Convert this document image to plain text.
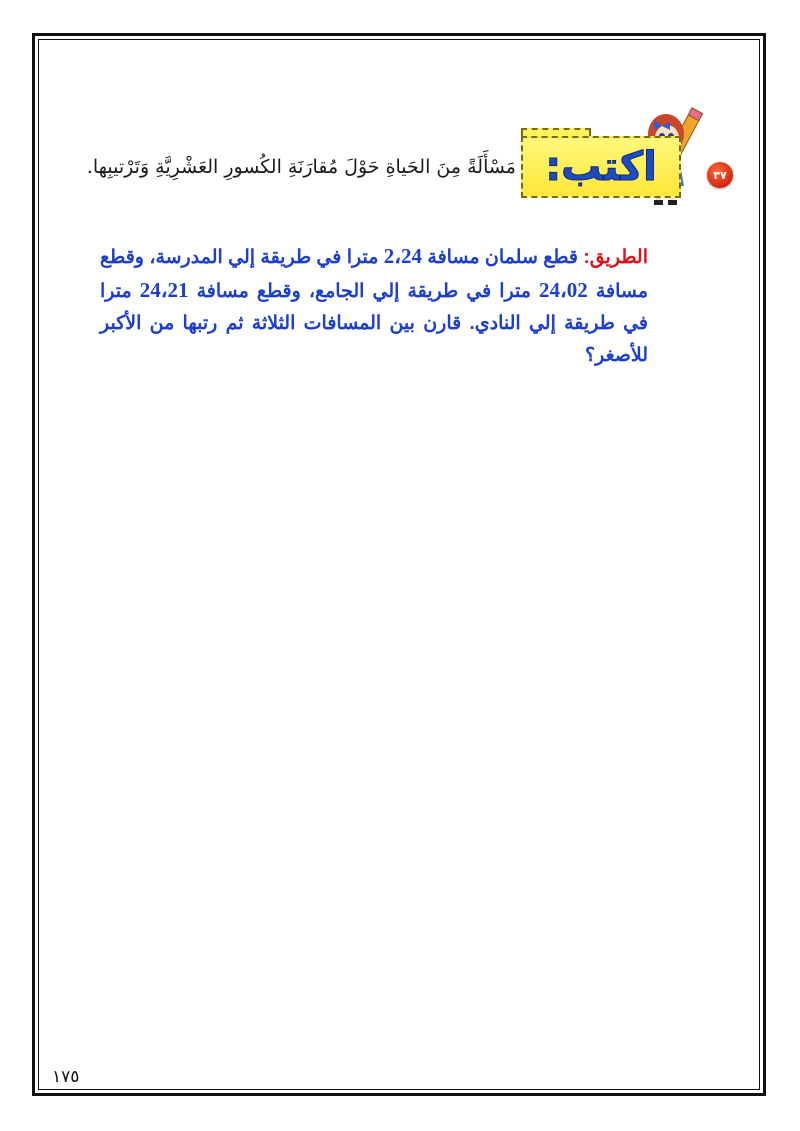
٣٧
اكتب:
مَسْأَلَةً مِنَ الحَياةِ حَوْلَ مُقارَنَةِ الكُسورِ العَشْرِيَّةِ وَتَرْتيبِها.
الطريق: قطع سلمان مسافة 2،24 مترا في طريقة إلي المدرسة، وقطع مسافة 24،02 مترا في طريقة إلي الجامع، وقطع مسافة 24،21 مترا في طريقة إلي النادي. قارن بين المسافات الثلاثة ثم رتبها من الأكبر للأصغر؟
١٧٥
